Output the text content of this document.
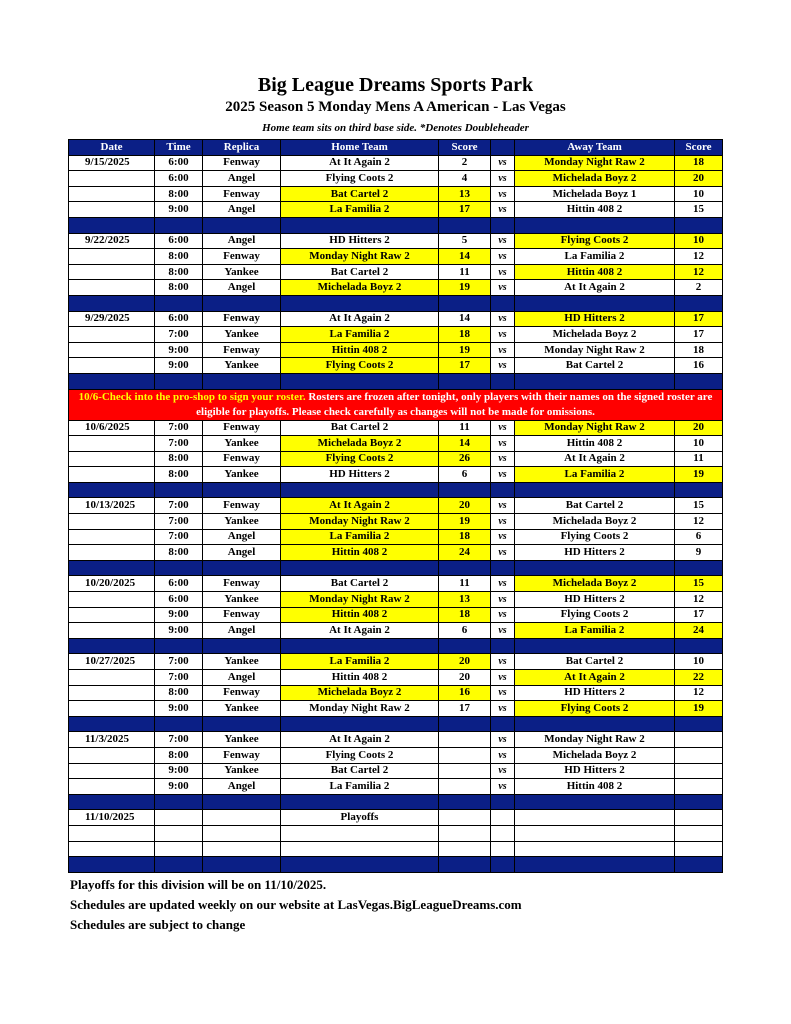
Big League Dreams Sports Park
2025 Season 5 Monday Mens A American - Las Vegas
Home team sits on third base side. *Denotes Doubleheader
Date	Time	Replica	Home Team	Score		Away Team	Score
9/15/2025	6:00	Fenway	At It Again 2	2	vs	Monday Night Raw 2	18
	6:00	Angel	Flying Coots 2	4	vs	Michelada Boyz 2	20
	8:00	Fenway	Bat Cartel 2	13	vs	Michelada Boyz 1	10
	9:00	Angel	La Familia 2	17	vs	Hittin 408 2	15

9/22/2025	6:00	Angel	HD Hitters 2	5	vs	Flying Coots 2	10
	8:00	Fenway	Monday Night Raw 2	14	vs	La Familia 2	12
	8:00	Yankee	Bat Cartel 2	11	vs	Hittin 408 2	12
	8:00	Angel	Michelada Boyz 2	19	vs	At It Again 2	2

9/29/2025	6:00	Fenway	At It Again 2	14	vs	HD Hitters 2	17
	7:00	Yankee	La Familia 2	18	vs	Michelada Boyz 2	17
	9:00	Fenway	Hittin 408 2	19	vs	Monday Night Raw 2	18
	9:00	Yankee	Flying Coots 2	17	vs	Bat Cartel 2	16

10/6-Check into the pro-shop to sign your roster. Rosters are frozen after tonight, only players with their names on the signed roster are eligible for playoffs. Please check carefully as changes will not be made for omissions.							
10/6/2025	7:00	Fenway	Bat Cartel 2	11	vs	Monday Night Raw 2	20
	7:00	Yankee	Michelada Boyz 2	14	vs	Hittin 408 2	10
	8:00	Fenway	Flying Coots 2	26	vs	At It Again 2	11
	8:00	Yankee	HD Hitters 2	6	vs	La Familia 2	19

10/13/2025	7:00	Fenway	At It Again 2	20	vs	Bat Cartel 2	15
	7:00	Yankee	Monday Night Raw 2	19	vs	Michelada Boyz 2	12
	7:00	Angel	La Familia 2	18	vs	Flying Coots 2	6
	8:00	Angel	Hittin 408 2	24	vs	HD Hitters 2	9

10/20/2025	6:00	Fenway	Bat Cartel 2	11	vs	Michelada Boyz 2	15
	6:00	Yankee	Monday Night Raw 2	13	vs	HD Hitters 2	12
	9:00	Fenway	Hittin 408 2	18	vs	Flying Coots 2	17
	9:00	Angel	At It Again 2	6	vs	La Familia 2	24

10/27/2025	7:00	Yankee	La Familia 2	20	vs	Bat Cartel 2	10
	7:00	Angel	Hittin 408 2	20	vs	At It Again 2	22
	8:00	Fenway	Michelada Boyz 2	16	vs	HD Hitters 2	12
	9:00	Yankee	Monday Night Raw 2	17	vs	Flying Coots 2	19

11/3/2025	7:00	Yankee	At It Again 2		vs	Monday Night Raw 2	
	8:00	Fenway	Flying Coots 2		vs	Michelada Boyz 2	
	9:00	Yankee	Bat Cartel 2		vs	HD Hitters 2	
	9:00	Angel	La Familia 2		vs	Hittin 408 2	

11/10/2025			Playoffs				

Playoffs for this division will be on 11/10/2025.
Schedules are updated weekly on our website at LasVegas.BigLeagueDreams.com
Schedules are subject to change
